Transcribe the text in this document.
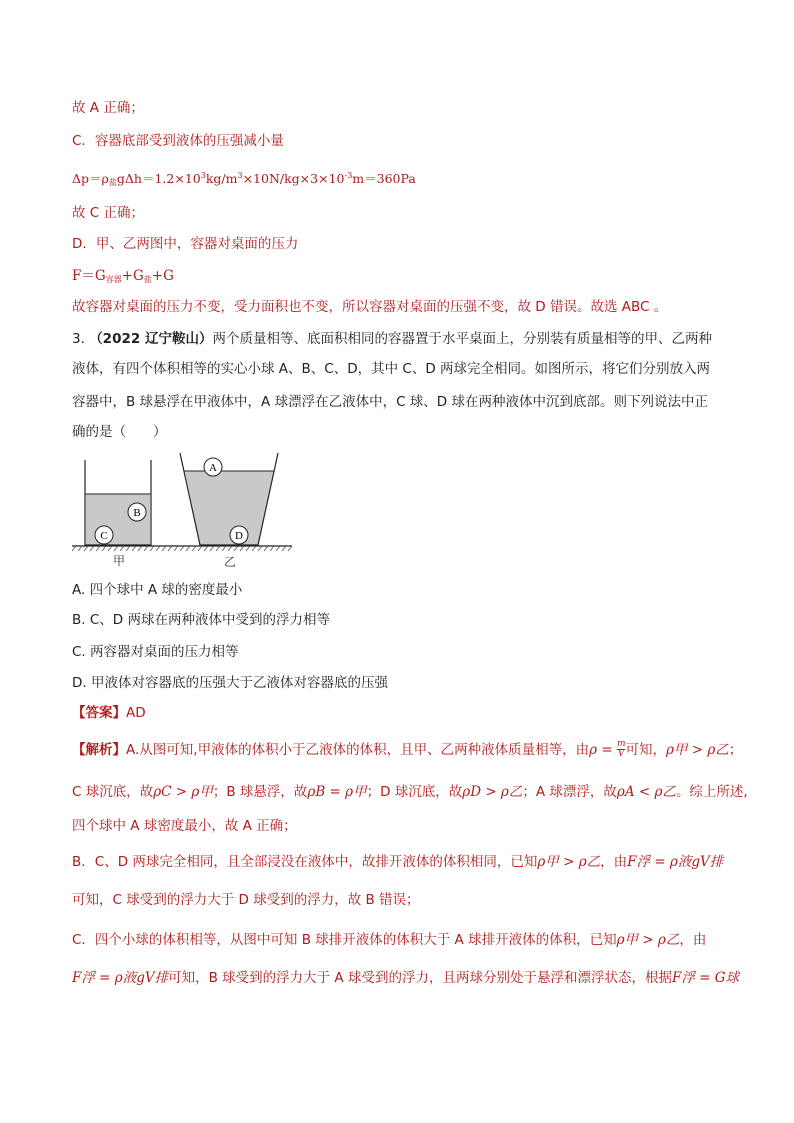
故 A 正确；
C．容器底部受到液体的压强减小量
$\Delta p=\rho_盐g\Delta h=1.2\times 10^3kg/m^3\times 10N/kg\times 3\times 10^{-3}m=360Pa$
故 C 正确；
D．甲、乙两图中，容器对桌面的压力
$F=G_{容器}+G_盐+G$
故容器对桌面的压力不变，受力面积也不变，所以容器对桌面的压强不变，故 D 错误。故选 ABC 。
3. （2022 辽宁鞍山）两个质量相等、底面积相同的容器置于水平桌面上，分别装有质量相等的甲、乙两种
液体，有四个体积相等的实心小球 A、B、C、D，其中 C、D 两球完全相同。如图所示，将它们分别放入两
容器中，B 球悬浮在甲液体中，A 球漂浮在乙液体中，C 球、D 球在两种液体中沉到底部。则下列说法中正
确的是（　　）
B
C
A
D
甲	乙
A. 四个球中 A 球的密度最小
B. C、D 两球在两种液体中受到的浮力相等
C. 两容器对桌面的压力相等
D. 甲液体对容器底的压强大于乙液体对容器底的压强
【答案】AD
【解析】A.从图可知,甲液体的体积小于乙液体的体积，且甲、乙两种液体质量相等，由$\rho = \frac{m}{V}$ 可知，ρ甲 > ρ乙；
C 球沉底，故ρC > ρ甲；B 球悬浮，故ρB = ρ甲；D 球沉底，故ρD > ρ乙；A 球漂浮，故ρA < ρ乙。综上所述,
四个球中 A 球密度最小，故 A 正确；
B．C、D 两球完全相同，且全部浸没在液体中，故排开液体的体积相同，已知ρ甲 > ρ乙，由F浮 = ρ液gV排
可知，C 球受到的浮力大于 D 球受到的浮力，故 B 错误；
C．四个小球的体积相等，从图中可知 B 球排开液体的体积大于 A 球排开液体的体积，已知ρ甲 > ρ乙，由
F浮 = ρ液gV排可知，B 球受到的浮力大于 A 球受到的浮力，且两球分别处于悬浮和漂浮状态，根据F浮 = G球
